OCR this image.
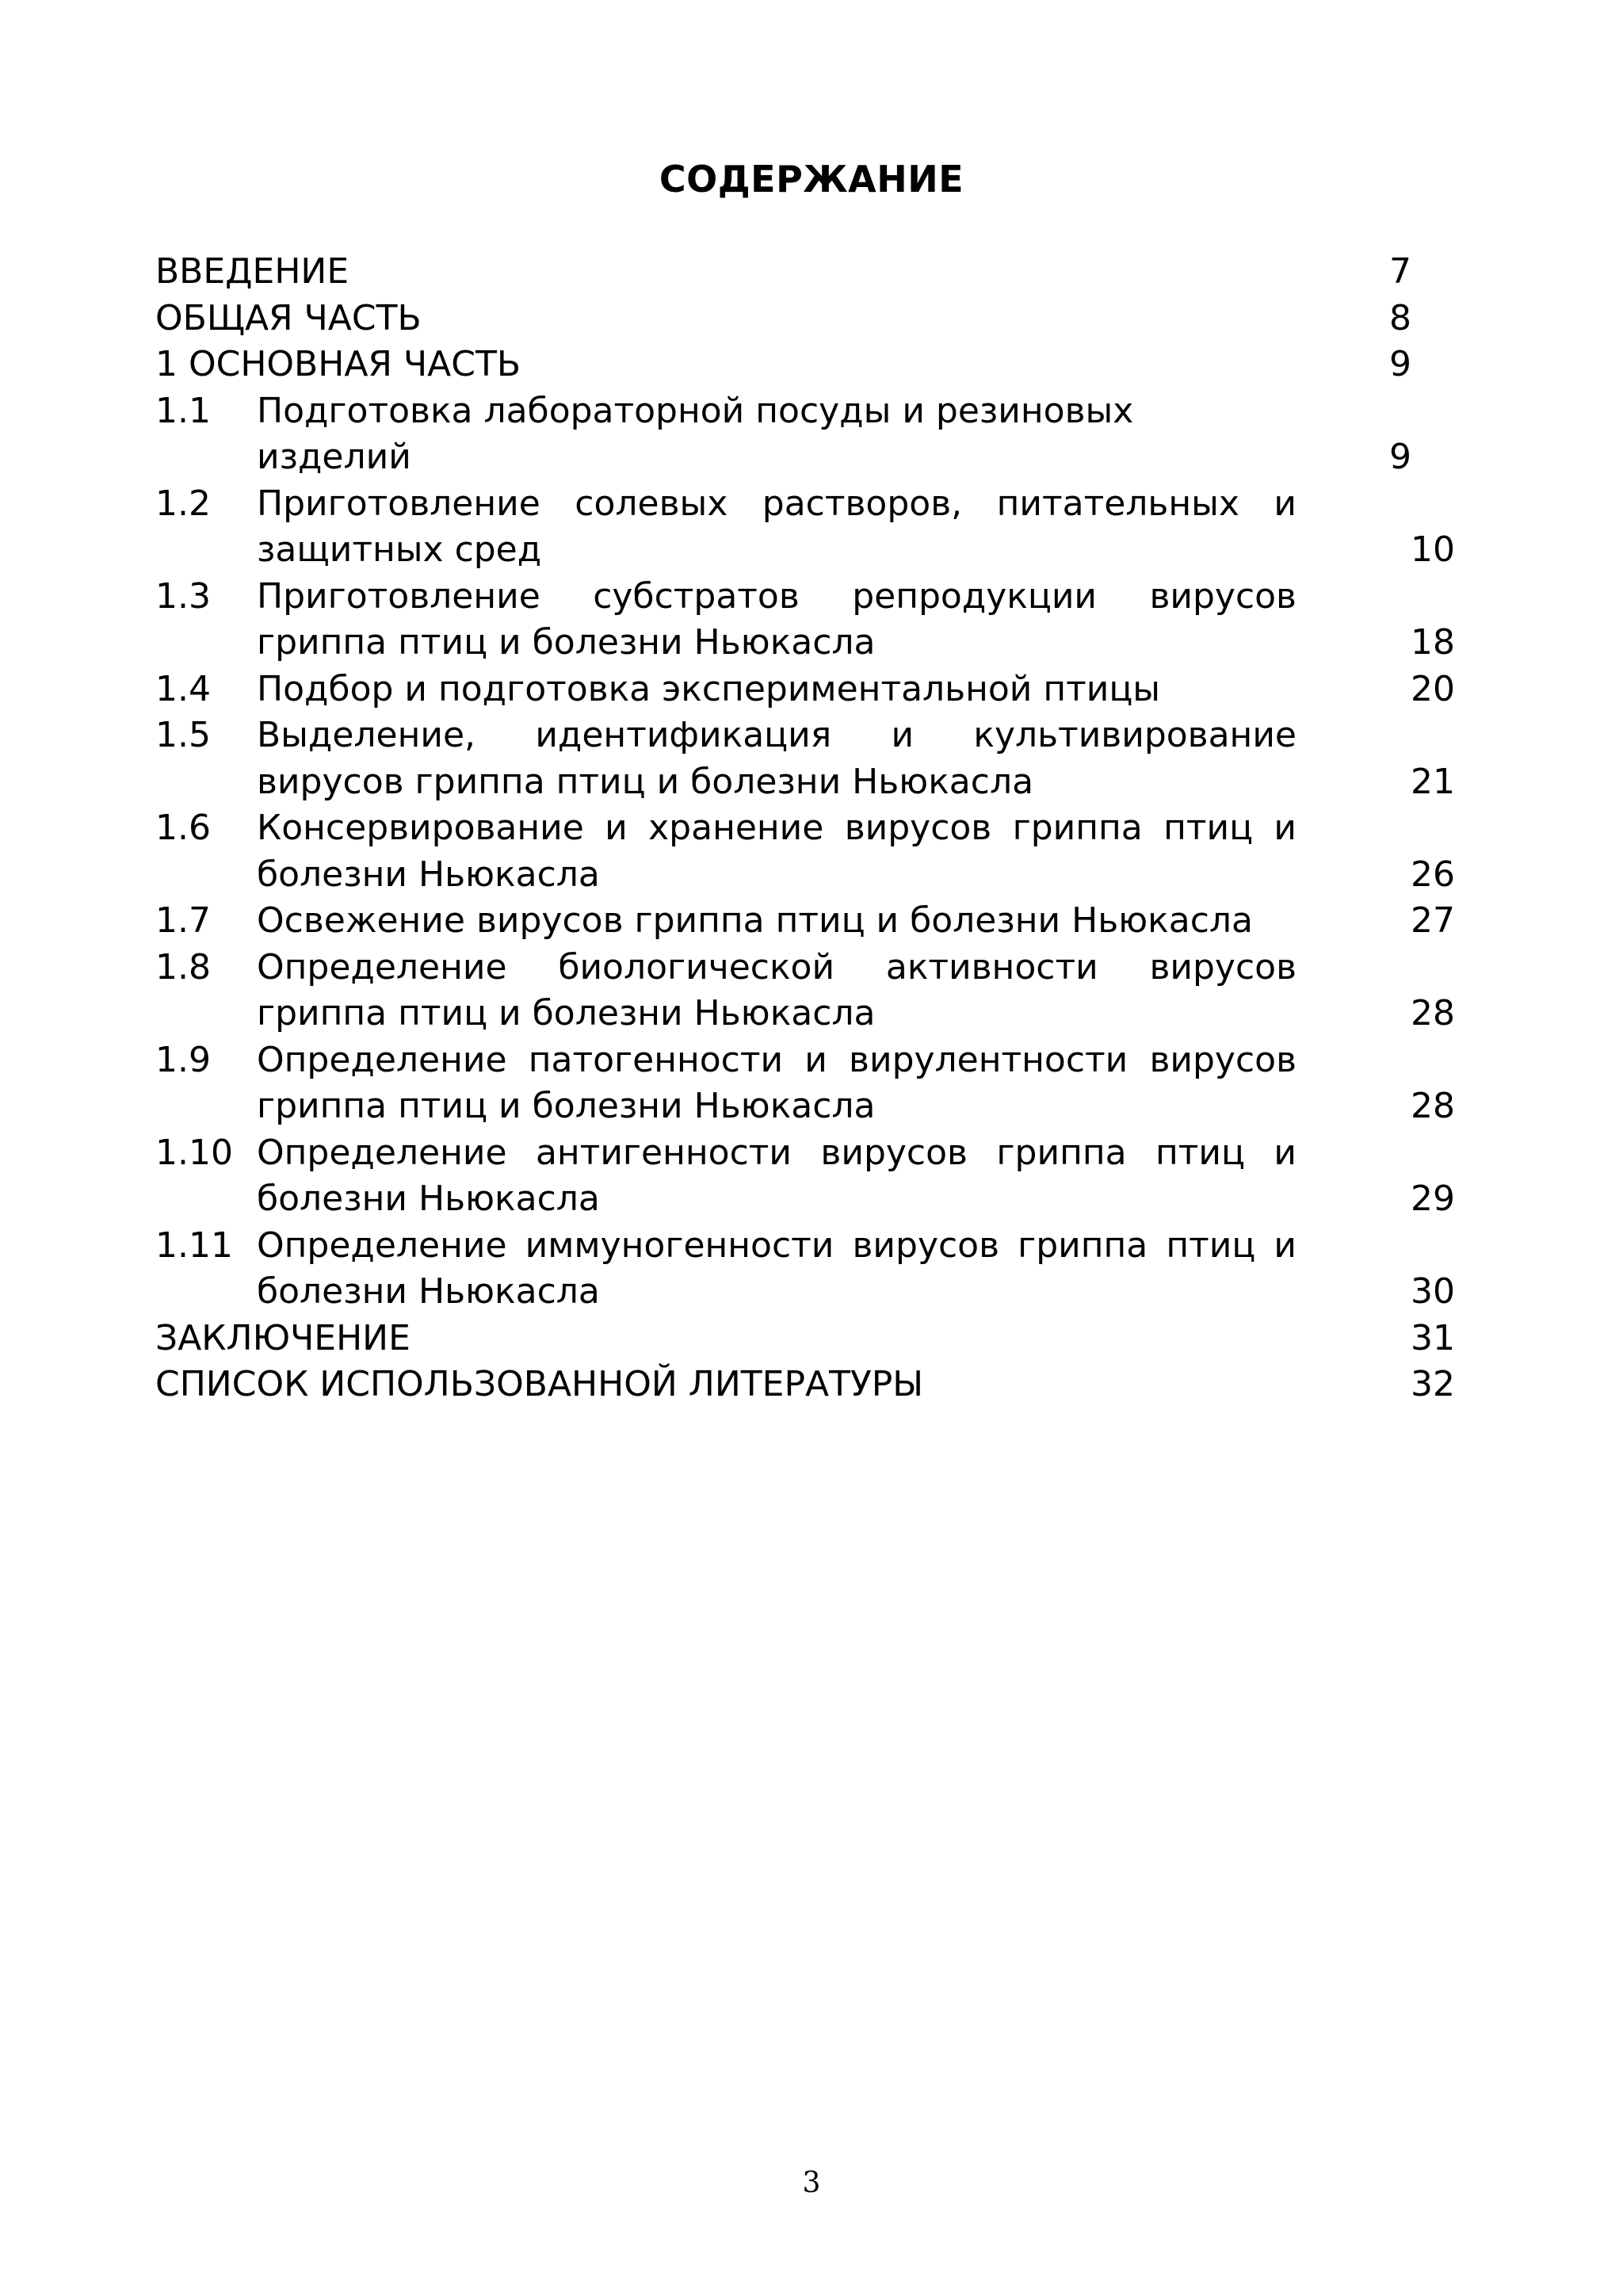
СОДЕРЖАНИЕ
ВВЕДЕНИЕ	7
ОБЩАЯ ЧАСТЬ	8
1 ОСНОВНАЯ ЧАСТЬ	9
1.1	Подготовка лабораторной посуды и резиновых изделий	9
1.2	Приготовление солевых растворов, питательных и защитных сред	10
1.3	Приготовление субстратов репродукции вирусов гриппа птиц и болезни Ньюкасла	18
1.4	Подбор и подготовка экспериментальной птицы	20
1.5	Выделение, идентификация и культивирование вирусов гриппа птиц и болезни Ньюкасла	21
1.6	Консервирование и хранение вирусов гриппа птиц и болезни Ньюкасла	26
1.7	Освежение вирусов гриппа птиц и болезни Ньюкасла	27
1.8	Определение биологической активности вирусов гриппа птиц и болезни Ньюкасла	28
1.9	Определение патогенности и вирулентности вирусов гриппа птиц и болезни Ньюкасла	28
1.10 Определение антигенности вирусов гриппа птиц и болезни Ньюкасла	29
1.11 Определение иммуногенности вирусов гриппа птиц и болезни Ньюкасла	30
ЗАКЛЮЧЕНИЕ	31
СПИСОК ИСПОЛЬЗОВАННОЙ ЛИТЕРАТУРЫ	32
3
